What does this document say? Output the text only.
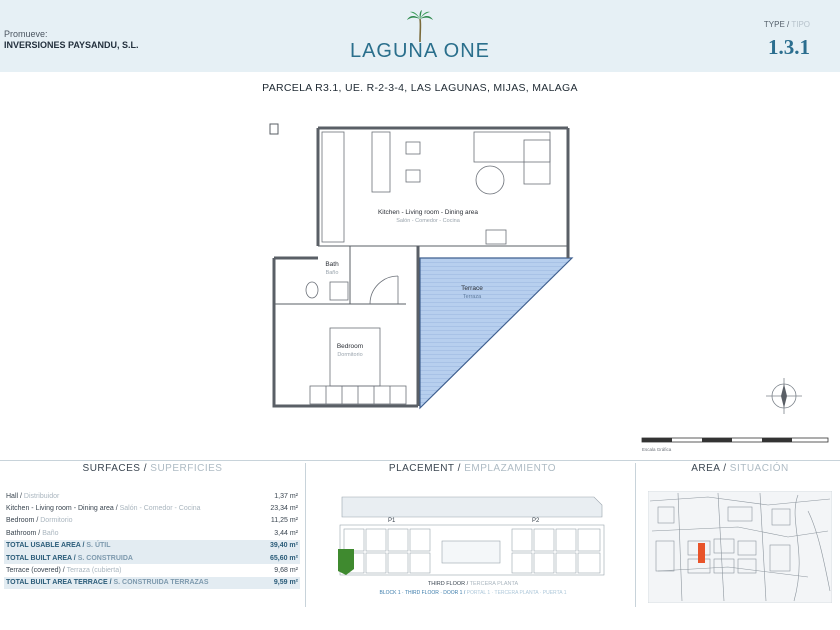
Promueve:
INVERSIONES PAYSANDU, S.L.	LAGUNA ONE
TYPE / TIPO
1.3.1
PARCELA R3.1, UE. R-2-3-4, LAS LAGUNAS, MIJAS, MALAGA
Kitchen - Living room - Dining area
Salón - Comedor - Cocina
Bath
Baño
Terrace
Terraza
Bedroom
Dormitorio
Escala Gráfica
SURFACES / SUPERFICIES
Hall / Distribuidor	1,37 m²
Kitchen - Living room - Dining area / Salón - Comedor - Cocina	23,34 m²
Bedroom / Dormitorio	11,25 m²
Bathroom / Baño	3,44 m²
TOTAL USABLE AREA / S. ÚTIL	39,40 m²
TOTAL BUILT AREA / S. CONSTRUIDA	65,60 m²
Terrace (covered) / Terraza (cubierta)	9,68 m²
TOTAL BUILT AREA TERRACE / S. CONSTRUIDA TERRAZAS	9,59 m²
PLACEMENT / EMPLAZAMIENTO
P1	P2
THIRD FLOOR / TERCERA PLANTA
BLOCK 1 · THIRD FLOOR · DOOR 1 / PORTAL 1 · TERCERA PLANTA · PUERTA 1
AREA / SITUACIÓN
